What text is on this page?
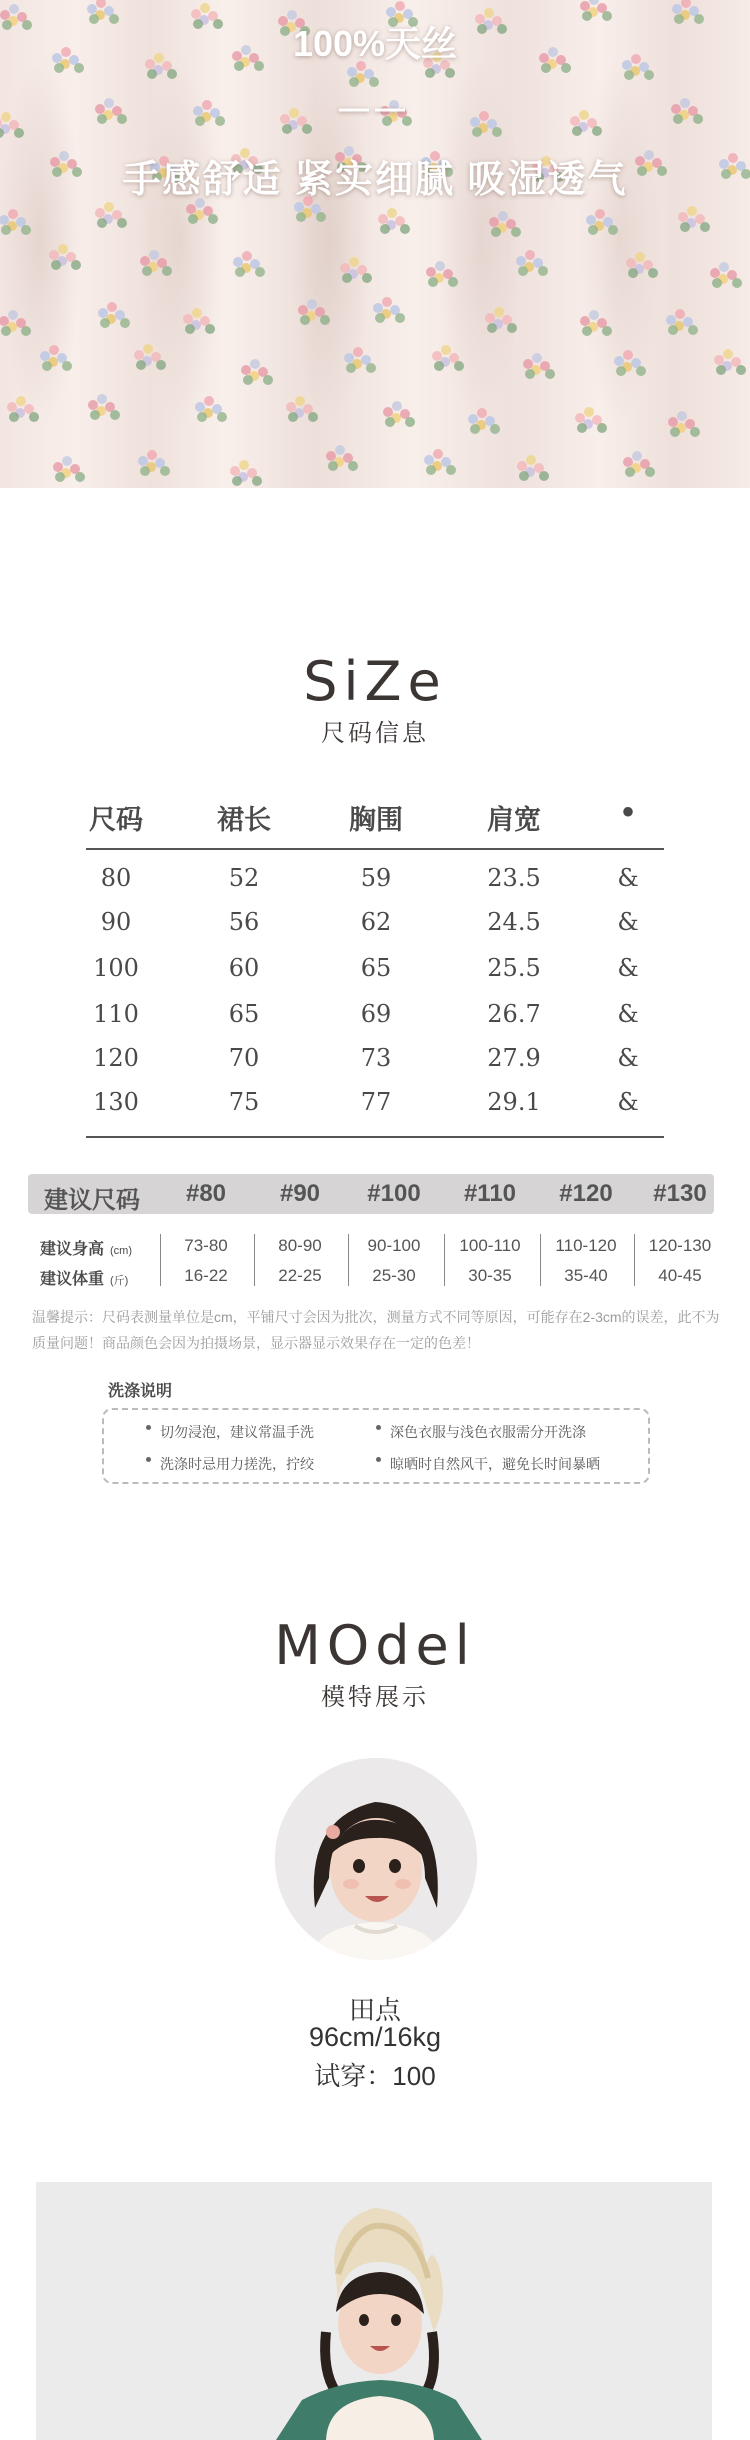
100%天丝
——
手感舒适 紧实细腻 吸湿透气
SiZe
尺码信息
尺码	裙长	胸围	肩宽	•
80	52	59	23.5	&
90	56	62	24.5	&
100	60	65	25.5	&
110	65	69	26.7	&
120	70	73	27.9	&
130	75	77	29.1	&
建议尺码 #80 #90 #100 #110 #120 #130
建议身高 (cm)	73-80	80-90	90-100 100-110 110-120 120-130
建议体重 (斤)	16-22	22-25	25-30	30-35	35-40	40-45
温馨提示：尺码表测量单位是cm，平铺尺寸会因为批次，测量方式不同等原因，可能存在2-3cm的误差，此不为质量问题！商品颜色会因为拍摄场景，显示器显示效果存在一定的色差！
洗涤说明
切勿浸泡，建议常温手洗	深色衣服与浅色衣服需分开洗涤
洗涤时忌用力搓洗，拧绞	晾晒时自然风干，避免长时间暴晒
MOdel
模特展示
田点
96cm/16kg
试穿：100
